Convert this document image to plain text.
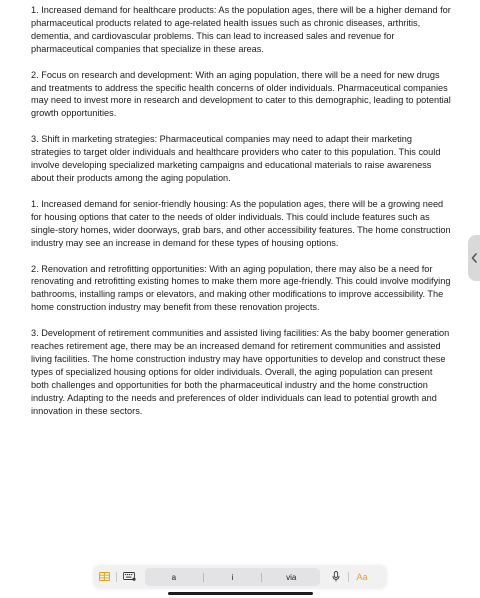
1. Increased demand for healthcare products: As the population ages, there will be a higher demand for pharmaceutical products related to age-related health issues such as chronic diseases, arthritis, dementia, and cardiovascular problems. This can lead to increased sales and revenue for pharmaceutical companies that specialize in these areas.

2. Focus on research and development: With an aging population, there will be a need for new drugs and treatments to address the specific health concerns of older individuals. Pharmaceutical companies may need to invest more in research and development to cater to this demographic, leading to potential growth opportunities.

3. Shift in marketing strategies: Pharmaceutical companies may need to adapt their marketing strategies to target older individuals and healthcare providers who cater to this population. This could involve developing specialized marketing campaigns and educational materials to raise awareness about their products among the aging population.

1. Increased demand for senior-friendly housing: As the population ages, there will be a growing need for housing options that cater to the needs of older individuals. This could include features such as single-story homes, wider doorways, grab bars, and other accessibility features. The home construction industry may see an increase in demand for these types of housing options.

2. Renovation and retrofitting opportunities: With an aging population, there may also be a need for renovating and retrofitting existing homes to make them more age-friendly. This could involve modifying bathrooms, installing ramps or elevators, and making other modifications to improve accessibility. The home construction industry may benefit from these renovation projects.

3. Development of retirement communities and assisted living facilities: As the baby boomer generation reaches retirement age, there may be an increased demand for retirement communities and assisted living facilities. The home construction industry may have opportunities to develop and construct these types of specialized housing options for older individuals. Overall, the aging population can present both challenges and opportunities for both the pharmaceutical industry and the home construction industry. Adapting to the needs and preferences of older individuals can lead to potential growth and innovation in these sectors.

a	i	via	Aa
